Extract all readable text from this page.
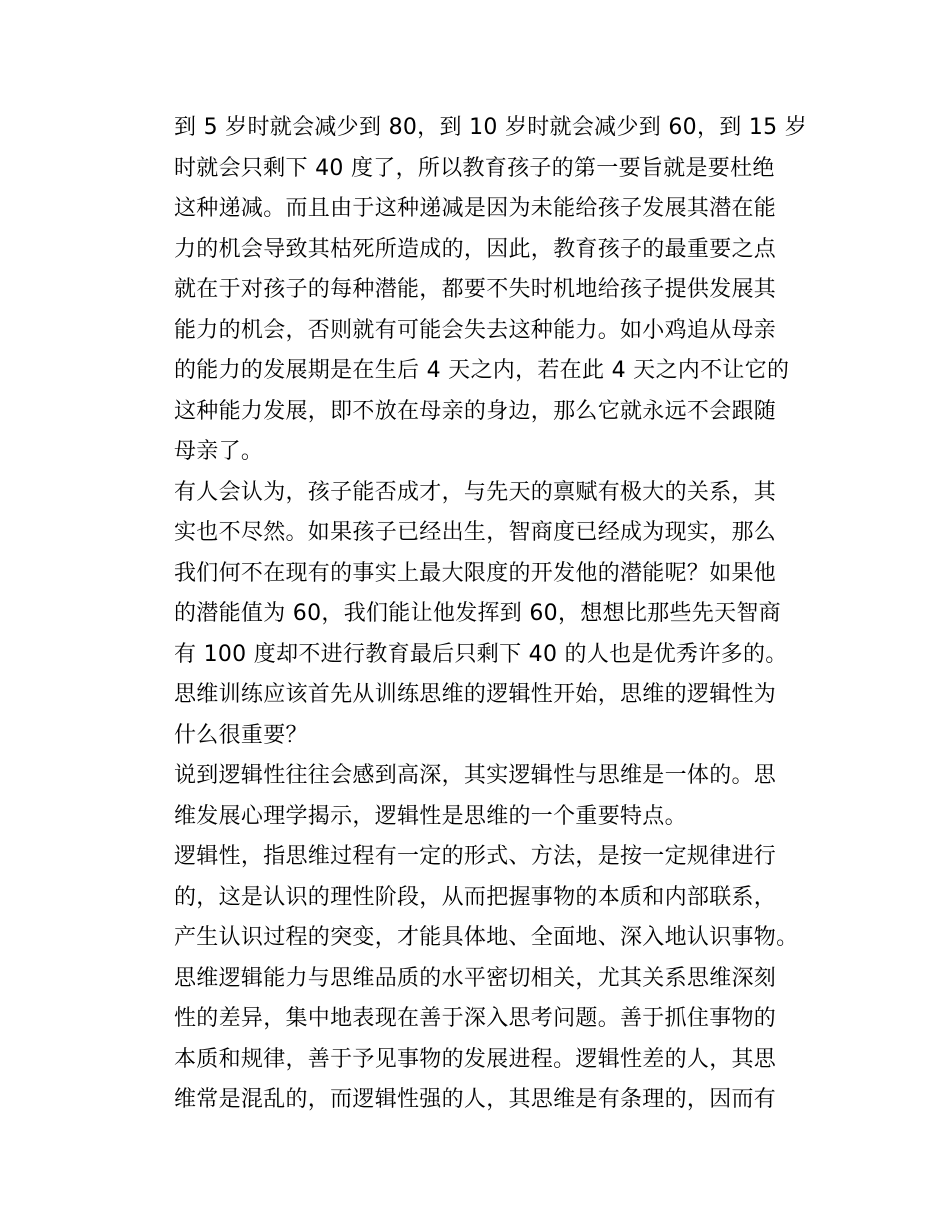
到 5 岁时就会减少到 80，到 10 岁时就会减少到 60，到 15 岁
时就会只剩下 40 度了，所以教育孩子的第一要旨就是要杜绝
这种递减。而且由于这种递减是因为未能给孩子发展其潜在能
力的机会导致其枯死所造成的，因此，教育孩子的最重要之点
就在于对孩子的每种潜能，都要不失时机地给孩子提供发展其
能力的机会，否则就有可能会失去这种能力。如小鸡追从母亲
的能力的发展期是在生后 4 天之内，若在此 4 天之内不让它的
这种能力发展，即不放在母亲的身边，那么它就永远不会跟随
母亲了。
有人会认为，孩子能否成才，与先天的禀赋有极大的关系，其
实也不尽然。如果孩子已经出生，智商度已经成为现实，那么
我们何不在现有的事实上最大限度的开发他的潜能呢？如果他
的潜能值为 60，我们能让他发挥到 60，想想比那些先天智商
有 100 度却不进行教育最后只剩下 40 的人也是优秀许多的。
思维训练应该首先从训练思维的逻辑性开始，思维的逻辑性为
什么很重要？
说到逻辑性往往会感到高深，其实逻辑性与思维是一体的。思
维发展心理学揭示，逻辑性是思维的一个重要特点。
逻辑性，指思维过程有一定的形式、方法，是按一定规律进行
的，这是认识的理性阶段，从而把握事物的本质和内部联系，
产生认识过程的突变，才能具体地、全面地、深入地认识事物。
思维逻辑能力与思维品质的水平密切相关，尤其关系思维深刻
性的差异，集中地表现在善于深入思考问题。善于抓住事物的
本质和规律，善于予见事物的发展进程。逻辑性差的人，其思
维常是混乱的，而逻辑性强的人，其思维是有条理的，因而有
